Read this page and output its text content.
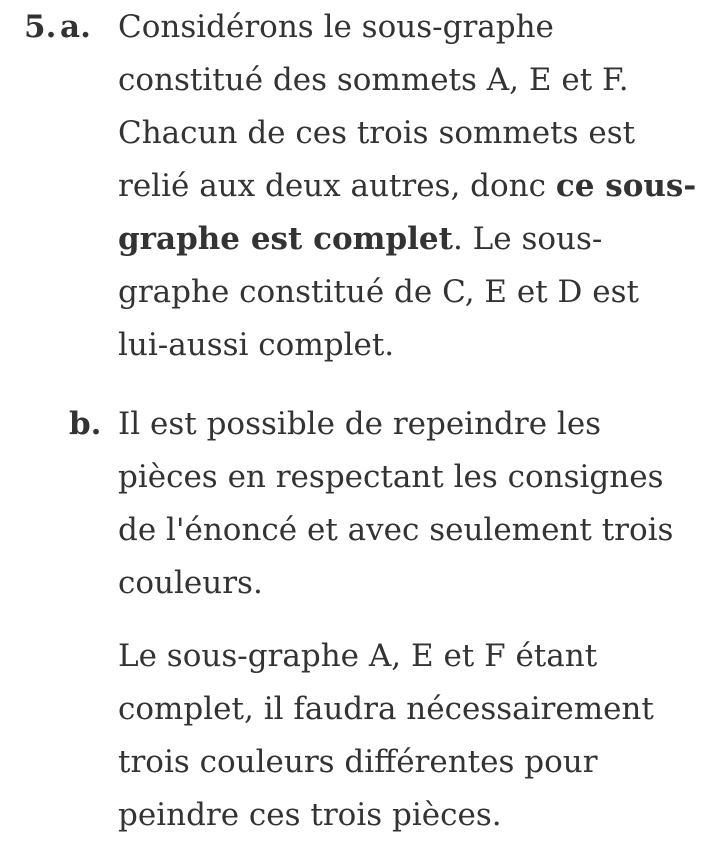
5. a. Considérons le sous-graphe constitué des sommets A, E et F. Chacun de ces trois sommets est relié aux deux autres, donc ce sous-graphe est complet. Le sous-graphe constitué de C, E et D est lui-aussi complet.
b. Il est possible de repeindre les pièces en respectant les consignes de l'énoncé et avec seulement trois couleurs.
Le sous-graphe A, E et F étant complet, il faudra nécessairement trois couleurs différentes pour peindre ces trois pièces.
